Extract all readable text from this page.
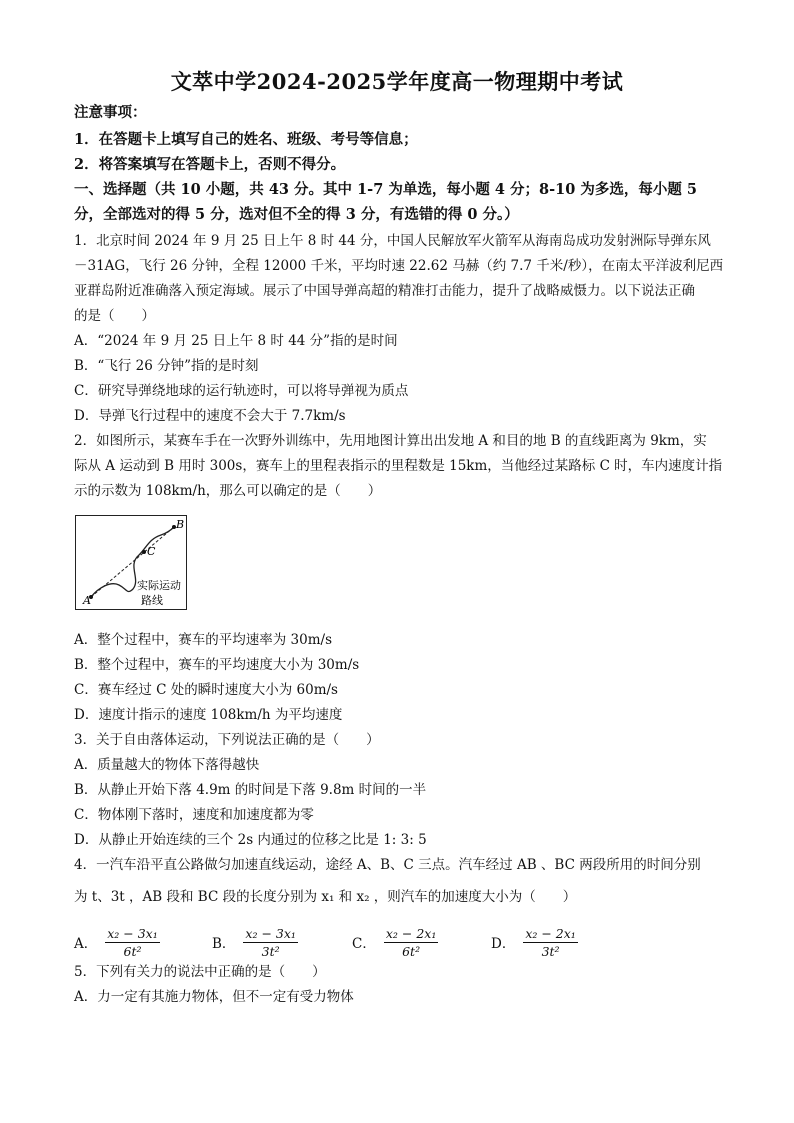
文萃中学2024-2025学年度高一物理期中考试
注意事项：
1．在答题卡上填写自己的姓名、班级、考号等信息；
2．将答案填写在答题卡上，否则不得分。
一、选择题（共 10 小题，共 43 分。其中 1-7 为单选，每小题 4 分；8-10 为多选，每小题 5
分，全部选对的得 5 分，选对但不全的得 3 分，有选错的得 0 分。）
1．北京时间 2024 年 9 月 25 日上午 8 时 44 分，中国人民解放军火箭军从海南岛成功发射洲际导弹东风
－31AG，飞行 26 分钟，全程 12000 千米，平均时速 22.62 马赫（约 7.7 千米/秒），在南太平洋波利尼西
亚群岛附近准确落入预定海域。展示了中国导弹高超的精准打击能力，提升了战略威慑力。以下说法正确
的是（　　）
A．“2024 年 9 月 25 日上午 8 时 44 分”指的是时间
B．“飞行 26 分钟”指的是时刻
C．研究导弹绕地球的运行轨迹时，可以将导弹视为质点
D．导弹飞行过程中的速度不会大于 7.7km/s
2．如图所示，某赛车手在一次野外训练中，先用地图计算出出发地 A 和目的地 B 的直线距离为 9km，实
际从 A 运动到 B 用时 300s，赛车上的里程表指示的里程数是 15km，当他经过某路标 C 时，车内速度计指
示的示数为 108km/h，那么可以确定的是（　　）
A
B
C
实际运动
路线
A．整个过程中，赛车的平均速率为 30m/s
B．整个过程中，赛车的平均速度大小为 30m/s
C．赛车经过 C 处的瞬时速度大小为 60m/s
D．速度计指示的速度 108km/h 为平均速度
3．关于自由落体运动，下列说法正确的是（　　）
A．质量越大的物体下落得越快
B．从静止开始下落 4.9m 的时间是下落 9.8m 时间的一半
C．物体刚下落时，速度和加速度都为零
D．从静止开始连续的三个 2s 内通过的位移之比是 1: 3: 5
4．一汽车沿平直公路做匀加速直线运动，途经 A、B、C 三点。汽车经过 AB 、BC 两段所用的时间分别
为 t、3t ，AB 段和 BC 段的长度分别为 x₁ 和 x₂ ，则汽车的加速度大小为（　　）
A． $\frac{\text{x₂ − 3x₁}}{\text{6t²}}$	B． $\frac{\text{x₂ − 3x₁}}{\text{3t²}}$	C． $\frac{\text{x₂ − 2x₁}}{\text{6t²}}$	D． $\frac{\text{x₂ − 2x₁}}{\text{3t²}}$
5．下列有关力的说法中正确的是（　　）
A．力一定有其施力物体，但不一定有受力物体
